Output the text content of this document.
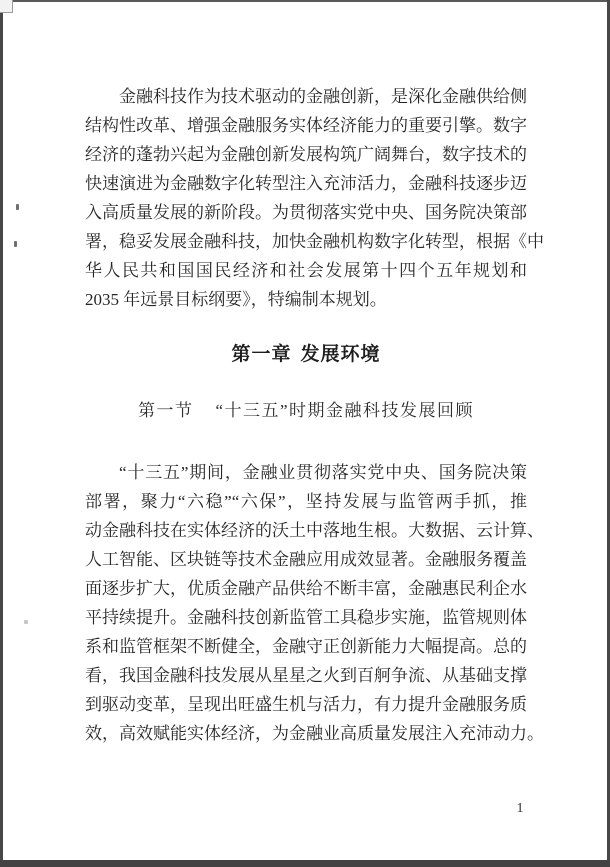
金融科技作为技术驱动的金融创新，是深化金融供给侧
结构性改革、增强金融服务实体经济能力的重要引擎。数字
经济的蓬勃兴起为金融创新发展构筑广阔舞台，数字技术的
快速演进为金融数字化转型注入充沛活力，金融科技逐步迈
入高质量发展的新阶段。为贯彻落实党中央、国务院决策部
署，稳妥发展金融科技，加快金融机构数字化转型，根据《中
华人民共和国国民经济和社会发展第十四个五年规划和
2035 年远景目标纲要》，特编制本规划。
第一章 发展环境
第一节 “十三五”时期金融科技发展回顾
“十三五”期间，金融业贯彻落实党中央、国务院决策
部署，聚力“六稳”“六保”，坚持发展与监管两手抓，推
动金融科技在实体经济的沃土中落地生根。大数据、云计算、
人工智能、区块链等技术金融应用成效显著。金融服务覆盖
面逐步扩大，优质金融产品供给不断丰富，金融惠民利企水
平持续提升。金融科技创新监管工具稳步实施，监管规则体
系和监管框架不断健全，金融守正创新能力大幅提高。总的
看，我国金融科技发展从星星之火到百舸争流、从基础支撑
到驱动变革，呈现出旺盛生机与活力，有力提升金融服务质
效，高效赋能实体经济，为金融业高质量发展注入充沛动力。
1
